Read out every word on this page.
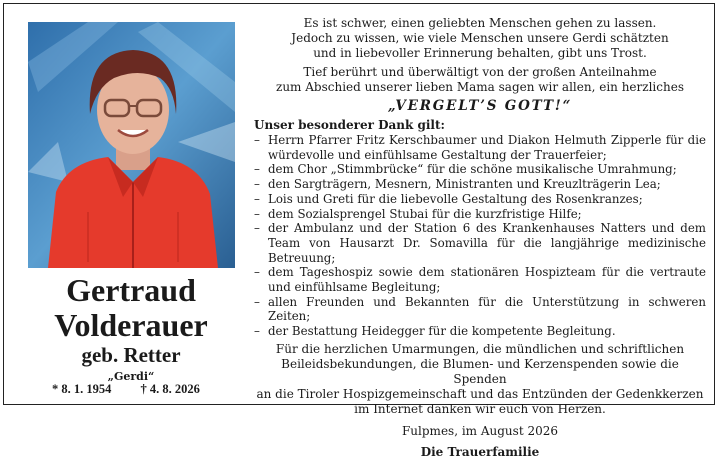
Gertraud
Volderauer
geb. Retter
„Gerdi“
* 8. 1. 1954 † 4. 8. 2026
Es ist schwer, einen geliebten Menschen gehen zu lassen.
Jedoch zu wissen, wie viele Menschen unsere Gerdi schätzten
und in liebevoller Erinnerung behalten, gibt uns Trost.
Tief berührt und überwältigt von der großen Anteilnahme
zum Abschied unserer lieben Mama sagen wir allen, ein herzliches
„VERGELT’S GOTT!“
Unser besonderer Dank gilt:
– Herrn Pfarrer Fritz Kerschbaumer und Diakon Helmuth Zipperle für die würdevolle und einfühlsame Gestaltung der Trauerfeier;
– dem Chor „Stimmbrücke“ für die schöne musikalische Umrahmung;
– den Sargträgern, Mesnern, Ministranten und Kreuzlträgerin Lea;
– Lois und Greti für die liebevolle Gestaltung des Rosenkranzes;
– dem Sozialsprengel Stubai für die kurzfristige Hilfe;
– der Ambulanz und der Station 6 des Krankenhauses Natters und dem Team von Hausarzt Dr. Somavilla für die langjährige medizinische Betreuung;
– dem Tageshospiz sowie dem stationären Hospizteam für die vertraute und einfühlsame Begleitung;
– allen Freunden und Bekannten für die Unterstützung in schweren Zeiten;
– der Bestattung Heidegger für die kompetente Begleitung.
Für die herzlichen Umarmungen, die mündlichen und schriftlichen
Beileidsbekundungen, die Blumen- und Kerzenspenden sowie die Spenden
an die Tiroler Hospizgemeinschaft und das Entzünden der Gedenkkerzen
im Internet danken wir euch von Herzen.
Fulpmes, im August 2026
Die Trauerfamilie
